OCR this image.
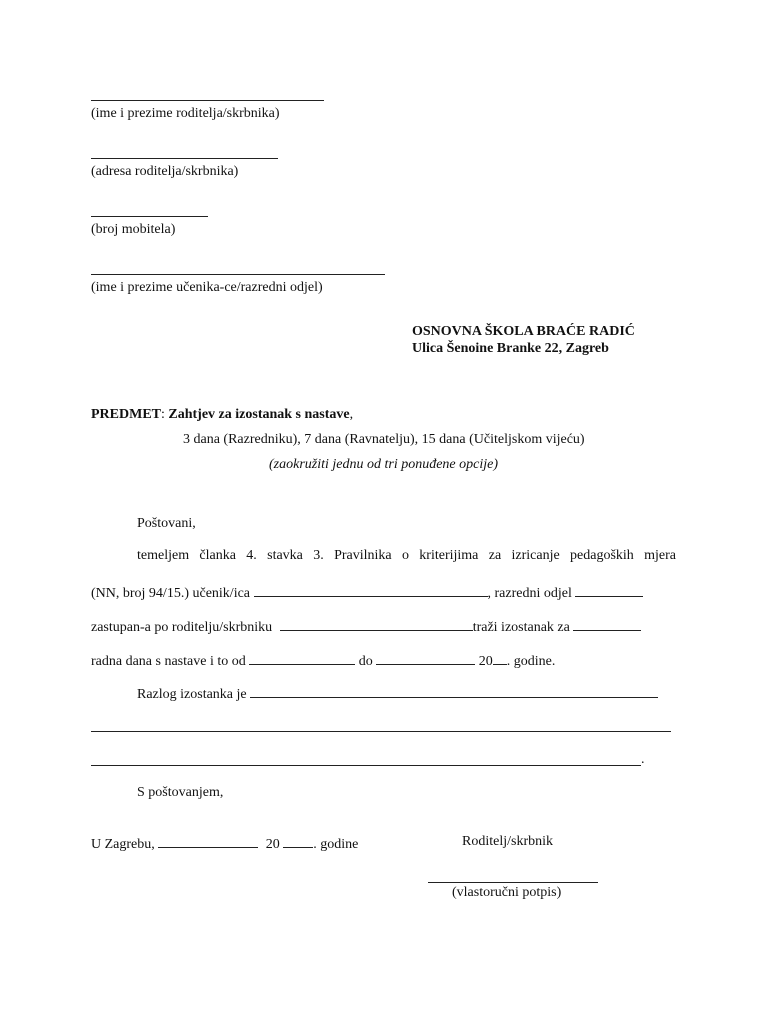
(ime i prezime roditelja/skrbnika)
(adresa roditelja/skrbnika)
(broj mobitela)
(ime i prezime učenika-ce/razredni odjel)
OSNOVNA ŠKOLA BRAĆE RADIĆ
Ulica Šenoine Branke 22, Zagreb
PREDMET: Zahtjev za izostanak s nastave,
3 dana (Razredniku), 7 dana (Ravnatelju), 15 dana (Učiteljskom vijeću)
(zaokružiti jednu od tri ponuđene opcije)
Poštovani,
temeljem članka 4. stavka 3. Pravilnika o kriterijima za izricanje pedagoških mjera
(NN, broj 94/15.) učenik/ica	, razredni odjel
zastupan-a po roditelju/skrbniku	traži izostanak za
radna dana s nastave i to od	do	20 . godine.
Razlog izostanka je
.
S poštovanjem,
U Zagrebu,	20 . godine	Roditelj/skrbnik
(vlastoručni potpis)
